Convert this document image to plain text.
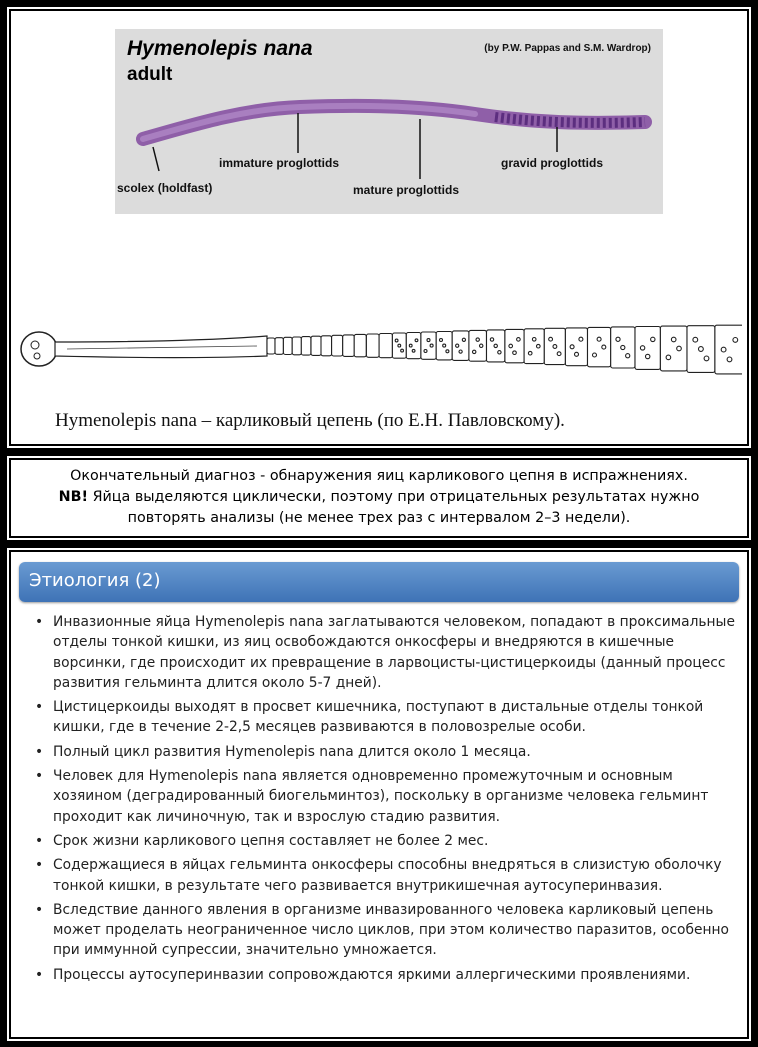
Hymenolepis nana
adult
(by P.W. Pappas and S.M. Wardrop)
scolex (holdfast)
immature proglottids
mature proglottids
gravid proglottids
Hymenolepis nana – карликовый цепень (по Е.Н. Павловскому).
Окончательный диагноз - обнаружения яиц карликового цепня в испражнениях.
NB! Яйца выделяются циклически, поэтому при отрицательных результатах нужно повторять анализы (не менее трех раз с интервалом 2–3 недели).
Этиология (2)
• Инвазионные яйца Hymenolepis nana заглатываются человеком, попадают в проксимальные отделы тонкой кишки, из яиц освобождаются онкосферы и внедряются в кишечные ворсинки, где происходит их превращение в ларвоцисты-цистицеркоиды (данный процесс развития гельминта длится около 5-7 дней).
• Цистицеркоиды выходят в просвет кишечника, поступают в дистальные отделы тонкой кишки, где в течение 2-2,5 месяцев развиваются в половозрелые особи.
• Полный цикл развития Hymenolepis nana длится около 1 месяца.
• Человек для Hymenolepis nana является одновременно промежуточным и основным хозяином (деградированный биогельминтоз), поскольку в организме человека гельминт проходит как личиночную, так и взрослую стадию развития.
• Срок жизни карликового цепня составляет не более 2 мес.
• Содержащиеся в яйцах гельминта онкосферы способны внедряться в слизистую оболочку тонкой кишки, в результате чего развивается внутрикишечная аутосуперинвазия.
• Вследствие данного явления в организме инвазированного человека карликовый цепень может проделать неограниченное число циклов, при этом количество паразитов, особенно при иммунной супрессии, значительно умножается.
• Процессы аутосуперинвазии сопровождаются яркими аллергическими проявлениями.
